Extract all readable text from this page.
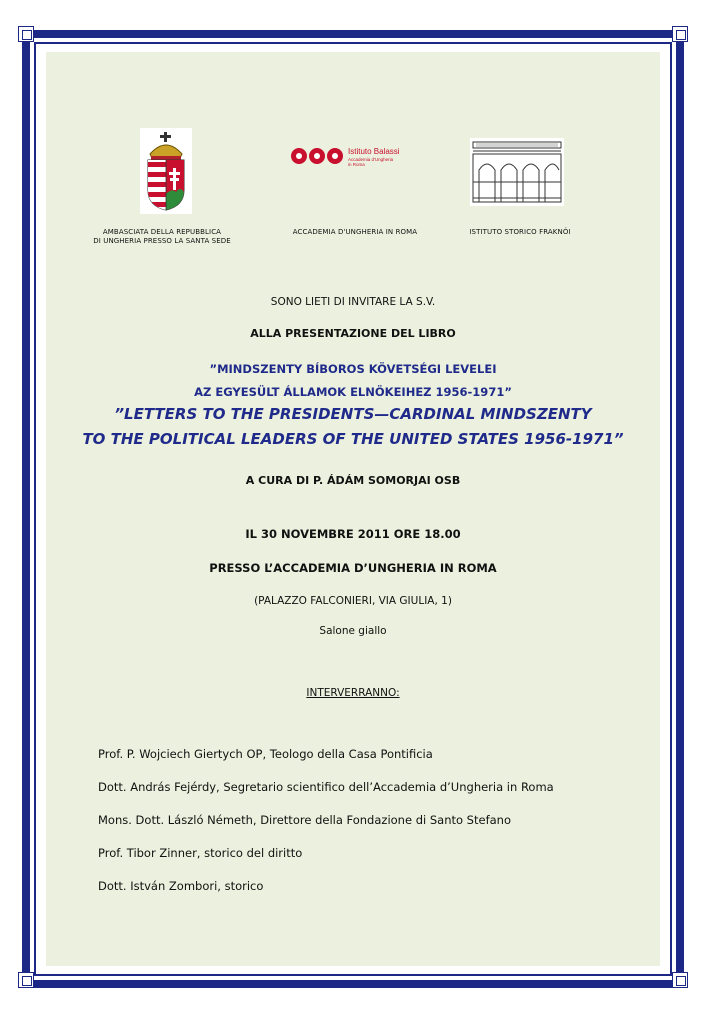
Istituto Balassi
Accademia d'Ungheria
in Roma
AMBASCIATA DELLA REPUBBLICA
DI UNGHERIA PRESSO LA SANTA SEDE
ACCADEMIA D'UNGHERIA IN ROMA	ISTITUTO STORICO FRAKNÓI
SONO LIETI DI INVITARE LA S.V.
ALLA PRESENTAZIONE DEL LIBRO
”MINDSZENTY BÍBOROS KÖVETSÉGI LEVELEI
AZ EGYESÜLT ÁLLAMOK ELNÖKEIHEZ 1956-1971”
”LETTERS TO THE PRESIDENTS—CARDINAL MINDSZENTY
TO THE POLITICAL LEADERS OF THE UNITED STATES 1956-1971”
A CURA DI P. ÁDÁM SOMORJAI OSB
IL 30 NOVEMBRE 2011 ORE 18.00
PRESSO L’ACCADEMIA D’UNGHERIA IN ROMA
(PALAZZO FALCONIERI, VIA GIULIA, 1)
Salone giallo
INTERVERRANNO:
Prof. P. Wojciech Giertych OP, Teologo della Casa Pontificia
Dott. András Fejérdy, Segretario scientifico dell’Accademia d’Ungheria in Roma
Mons. Dott. László Németh, Direttore della Fondazione di Santo Stefano
Prof. Tibor Zinner, storico del diritto
Dott. István Zombori, storico
